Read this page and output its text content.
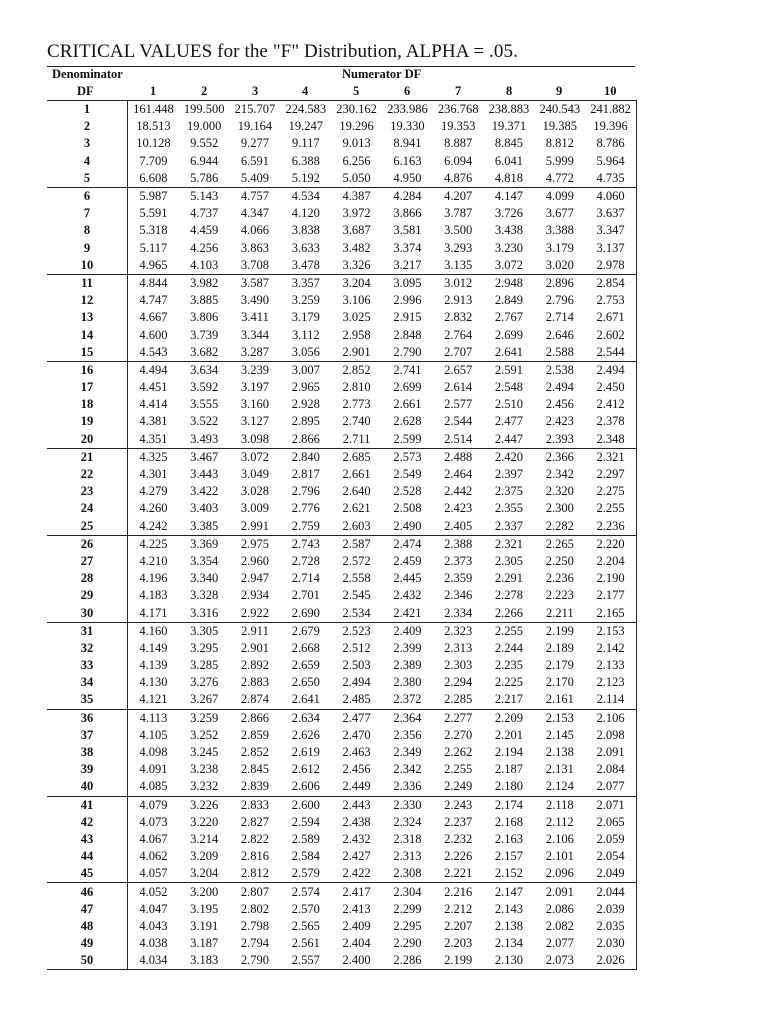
CRITICAL VALUES for the "F" Distribution, ALPHA = .05.
Denominator	Numerator DF
DF	1	2	3	4	5	6	7	8	9	10
1	161.448	199.500	215.707	224.583	230.162	233.986	236.768	238.883	240.543	241.882
2	18.513	19.000	19.164	19.247	19.296	19.330	19.353	19.371	19.385	19.396
3	10.128	9.552	9.277	9.117	9.013	8.941	8.887	8.845	8.812	8.786
4	7.709	6.944	6.591	6.388	6.256	6.163	6.094	6.041	5.999	5.964
5	6.608	5.786	5.409	5.192	5.050	4.950	4.876	4.818	4.772	4.735
6	5.987	5.143	4.757	4.534	4.387	4.284	4.207	4.147	4.099	4.060
7	5.591	4.737	4.347	4.120	3.972	3.866	3.787	3.726	3.677	3.637
8	5.318	4.459	4.066	3.838	3.687	3.581	3.500	3.438	3.388	3.347
9	5.117	4.256	3.863	3.633	3.482	3.374	3.293	3.230	3.179	3.137
10	4.965	4.103	3.708	3.478	3.326	3.217	3.135	3.072	3.020	2.978
11	4.844	3.982	3.587	3.357	3.204	3.095	3.012	2.948	2.896	2.854
12	4.747	3.885	3.490	3.259	3.106	2.996	2.913	2.849	2.796	2.753
13	4.667	3.806	3.411	3.179	3.025	2.915	2.832	2.767	2.714	2.671
14	4.600	3.739	3.344	3.112	2.958	2.848	2.764	2.699	2.646	2.602
15	4.543	3.682	3.287	3.056	2.901	2.790	2.707	2.641	2.588	2.544
16	4.494	3.634	3.239	3.007	2.852	2.741	2.657	2.591	2.538	2.494
17	4.451	3.592	3.197	2.965	2.810	2.699	2.614	2.548	2.494	2.450
18	4.414	3.555	3.160	2.928	2.773	2.661	2.577	2.510	2.456	2.412
19	4.381	3.522	3.127	2.895	2.740	2.628	2.544	2.477	2.423	2.378
20	4.351	3.493	3.098	2.866	2.711	2.599	2.514	2.447	2.393	2.348
21	4.325	3.467	3.072	2.840	2.685	2.573	2.488	2.420	2.366	2.321
22	4.301	3.443	3.049	2.817	2.661	2.549	2.464	2.397	2.342	2.297
23	4.279	3.422	3.028	2.796	2.640	2.528	2.442	2.375	2.320	2.275
24	4.260	3.403	3.009	2.776	2.621	2.508	2.423	2.355	2.300	2.255
25	4.242	3.385	2.991	2.759	2.603	2.490	2.405	2.337	2.282	2.236
26	4.225	3.369	2.975	2.743	2.587	2.474	2.388	2.321	2.265	2.220
27	4.210	3.354	2.960	2.728	2.572	2.459	2.373	2.305	2.250	2.204
28	4.196	3.340	2.947	2.714	2.558	2.445	2.359	2.291	2.236	2.190
29	4.183	3.328	2.934	2.701	2.545	2.432	2.346	2.278	2.223	2.177
30	4.171	3.316	2.922	2.690	2.534	2.421	2.334	2.266	2.211	2.165
31	4.160	3.305	2.911	2.679	2.523	2.409	2.323	2.255	2.199	2.153
32	4.149	3.295	2.901	2.668	2.512	2.399	2.313	2.244	2.189	2.142
33	4.139	3.285	2.892	2.659	2.503	2.389	2.303	2.235	2.179	2.133
34	4.130	3.276	2.883	2.650	2.494	2.380	2.294	2.225	2.170	2.123
35	4.121	3.267	2.874	2.641	2.485	2.372	2.285	2.217	2.161	2.114
36	4.113	3.259	2.866	2.634	2.477	2.364	2.277	2.209	2.153	2.106
37	4.105	3.252	2.859	2.626	2.470	2.356	2.270	2.201	2.145	2.098
38	4.098	3.245	2.852	2.619	2.463	2.349	2.262	2.194	2.138	2.091
39	4.091	3.238	2.845	2.612	2.456	2.342	2.255	2.187	2.131	2.084
40	4.085	3.232	2.839	2.606	2.449	2.336	2.249	2.180	2.124	2.077
41	4.079	3.226	2.833	2.600	2.443	2.330	2.243	2.174	2.118	2.071
42	4.073	3.220	2.827	2.594	2.438	2.324	2.237	2.168	2.112	2.065
43	4.067	3.214	2.822	2.589	2.432	2.318	2.232	2.163	2.106	2.059
44	4.062	3.209	2.816	2.584	2.427	2.313	2.226	2.157	2.101	2.054
45	4.057	3.204	2.812	2.579	2.422	2.308	2.221	2.152	2.096	2.049
46	4.052	3.200	2.807	2.574	2.417	2.304	2.216	2.147	2.091	2.044
47	4.047	3.195	2.802	2.570	2.413	2.299	2.212	2.143	2.086	2.039
48	4.043	3.191	2.798	2.565	2.409	2.295	2.207	2.138	2.082	2.035
49	4.038	3.187	2.794	2.561	2.404	2.290	2.203	2.134	2.077	2.030
50	4.034	3.183	2.790	2.557	2.400	2.286	2.199	2.130	2.073	2.026
